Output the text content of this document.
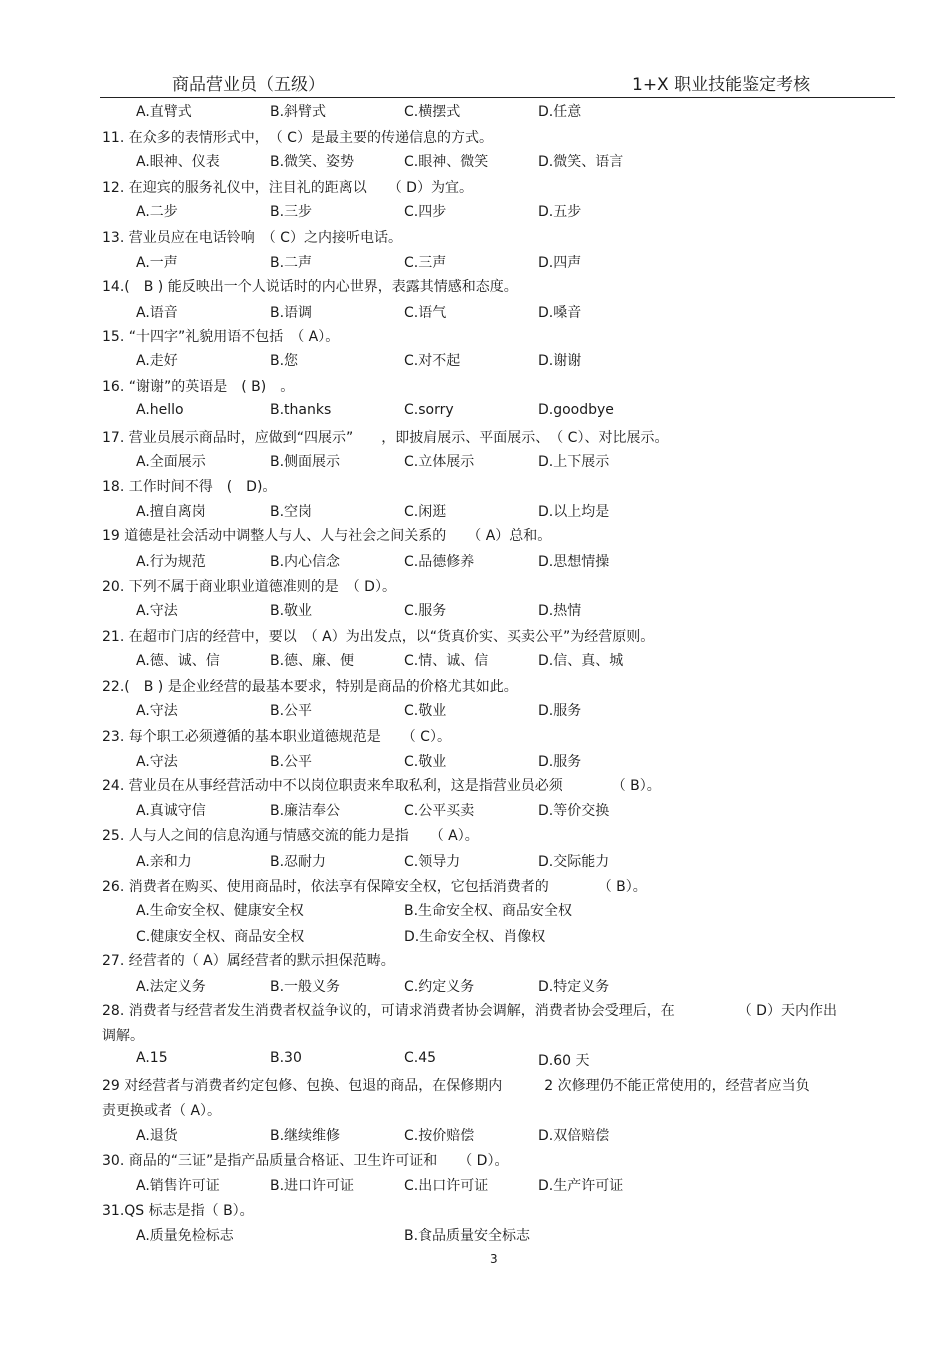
商品营业员（五级）	1+X 职业技能鉴定考核
A.直臂式	B.斜臂式	C.横摆式	D.任意
11. 在众多的表情形式中，　（ C）是最主要的传递信息的方式。
A.眼神、仪表	B.微笑、姿势	C.眼神、微笑	D.微笑、语言
12. 在迎宾的服务礼仪中，注目礼的距离以　　（ D）为宜。
A.二步	B.三步	C.四步	D.五步
13. 营业员应在电话铃响　（ C）之内接听电话。
A.一声	B.二声	C.三声	D.四声
14.(　B ) 能反映出一个人说话时的内心世界，表露其情感和态度。
A.语音	B.语调	C.语气	D.嗓音
15. “十四字”礼貌用语不包括　（ A）。
A.走好	B.您	C.对不起	D.谢谢
16. “谢谢”的英语是　( B)　。
A.hello	B.thanks	C.sorry	D.goodbye
17. 营业员展示商品时，应做到“四展示”　　，即披肩展示、平面展示、　（ C）、对比展示。
A.全面展示	B.侧面展示	C.立体展示	D.上下展示
18. 工作时间不得　(　D)。
A.擅自离岗	B.空岗	C.闲逛	D.以上均是
19 道德是社会活动中调整人与人、人与社会之间关系的　　（ A）总和。
A.行为规范	B.内心信念	C.品德修养	D.思想情操
20. 下列不属于商业职业道德准则的是　（ D）。
A.守法	B.敬业	C.服务	D.热情
21. 在超市门店的经营中，要以　（ A）为出发点，以“货真价实、买卖公平”为经营原则。
A.德、诚、信	B.德、廉、便	C.情、诚、信	D.信、真、城
22.(　B ) 是企业经营的最基本要求，特别是商品的价格尤其如此。
A.守法	B.公平	C.敬业	D.服务
23. 每个职工必须遵循的基本职业道德规范是　　（ C）。
A.守法	B.公平	C.敬业	D.服务
24. 营业员在从事经营活动中不以岗位职责来牟取私利，这是指营业员必须　　　　（ B）。
A.真诚守信	B.廉洁奉公	C.公平买卖	D.等价交换
25. 人与人之间的信息沟通与情感交流的能力是指　　（ A）。
A.亲和力	B.忍耐力	C.领导力	D.交际能力
26. 消费者在购买、使用商品时，依法享有保障安全权，它包括消费者的　　　　（ B）。
A.生命安全权、健康安全权	B.生命安全权、商品安全权
C.健康安全权、商品安全权	D.生命安全权、肖像权
27. 经营者的（ A）属经营者的默示担保范畴。
A.法定义务	B.一般义务	C.约定义务	D.特定义务
28. 消费者与经营者发生消费者权益争议的，可请求消费者协会调解，消费者协会受理后，在　　　　　（ D）天内作出
调解。
A.15	B.30	C.45	D.60 天
29 对经营者与消费者约定包修、包换、包退的商品，在保修期内　　　2 次修理仍不能正常使用的，经营者应当负
责更换或者（ A）。
A.退货	B.继续维修	C.按价赔偿	D.双倍赔偿
30. 商品的“三证”是指产品质量合格证、卫生许可证和　　（ D）。
A.销售许可证	B.进口许可证	C.出口许可证	D.生产许可证
31.QS 标志是指（ B）。
A.质量免检标志	B.食品质量安全标志
3
